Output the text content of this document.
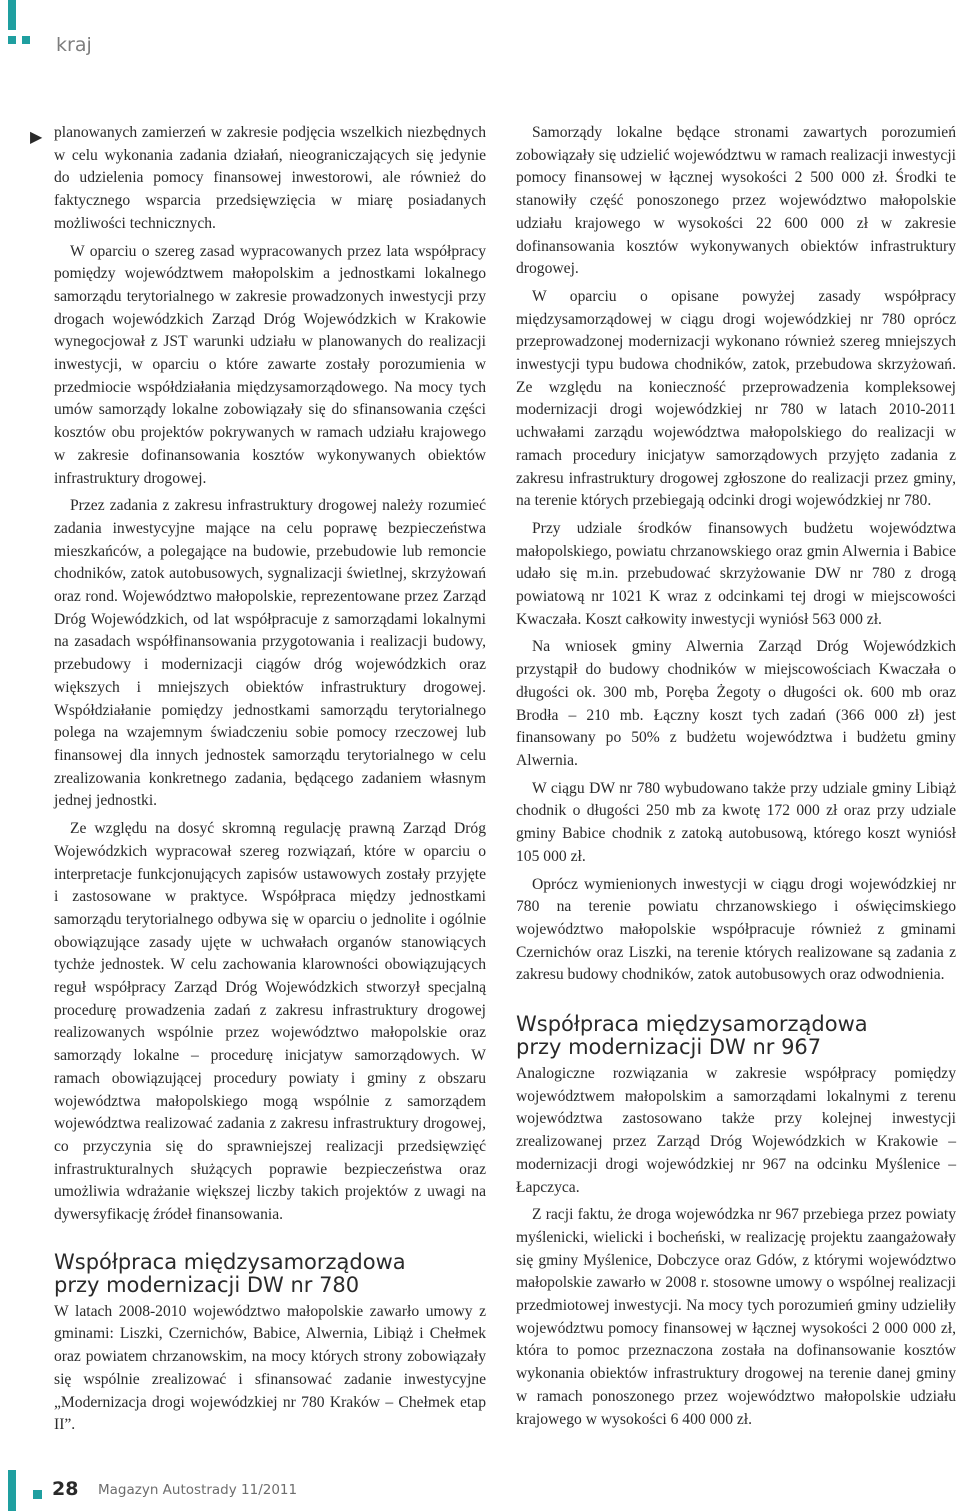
kraj
▶ planowanych zamierzeń w zakresie podjęcia wszelkich niezbędnych w celu wykonania zadania działań, nieograniczających się jedynie do udzielenia pomocy finansowej inwestorowi, ale również do faktycznego wsparcia przedsięwzięcia w miarę posiadanych możliwości technicznych.

W oparciu o szereg zasad wypracowanych przez lata współpracy pomiędzy województwem małopolskim a jednostkami lokalnego samorządu terytorialnego w zakresie prowadzonych inwestycji przy drogach wojewódzkich Zarząd Dróg Wojewódzkich w Krakowie wynegocjował z JST warunki udziału w planowanych do realizacji inwestycji, w oparciu o które zawarte zostały porozumienia w przedmiocie współdziałania międzysamorządowego. Na mocy tych umów samorządy lokalne zobowiązały się do sfinansowania części kosztów obu projektów pokrywanych w ramach udziału krajowego w zakresie dofinansowania kosztów wykonywanych obiektów infrastruktury drogowej.

Przez zadania z zakresu infrastruktury drogowej należy rozumieć zadania inwestycyjne mające na celu poprawę bezpieczeństwa mieszkańców, a polegające na budowie, przebudowie lub remoncie chodników, zatok autobusowych, sygnalizacji świetlnej, skrzyżowań oraz rond. Województwo małopolskie, reprezentowane przez Zarząd Dróg Wojewódzkich, od lat współpracuje z samorządami lokalnymi na zasadach współfinansowania przygotowania i realizacji budowy, przebudowy i modernizacji ciągów dróg wojewódzkich oraz większych i mniejszych obiektów infrastruktury drogowej. Współdziałanie pomiędzy jednostkami samorządu terytorialnego polega na wzajemnym świadczeniu sobie pomocy rzeczowej lub finansowej dla innych jednostek samorządu terytorialnego w celu zrealizowania konkretnego zadania, będącego zadaniem własnym jednej jednostki.

Ze względu na dosyć skromną regulację prawną Zarząd Dróg Wojewódzkich wypracował szereg rozwiązań, które w oparciu o interpretacje funkcjonujących zapisów ustawowych zostały przyjęte i zastosowane w praktyce. Współpraca między jednostkami samorządu terytorialnego odbywa się w oparciu o jednolite i ogólnie obowiązujące zasady ujęte w uchwałach organów stanowiących tychże jednostek. W celu zachowania klarowności obowiązujących reguł współpracy Zarząd Dróg Wojewódzkich stworzył specjalną procedurę prowadzenia zadań z zakresu infrastruktury drogowej realizowanych wspólnie przez województwo małopolskie oraz samorządy lokalne – procedurę inicjatyw samorządowych. W ramach obowiązującej procedury powiaty i gminy z obszaru województwa małopolskiego mogą wspólnie z samorządem województwa realizować zadania z zakresu infrastruktury drogowej, co przyczynia się do sprawniejszej realizacji przedsięwzięć infrastrukturalnych służących poprawie bezpieczeństwa oraz umożliwia wdrażanie większej liczby takich projektów z uwagi na dywersyfikację źródeł finansowania.

Współpraca międzysamorządowa
przy modernizacji DW nr 780

W latach 2008-2010 województwo małopolskie zawarło umowy z gminami: Liszki, Czernichów, Babice, Alwernia, Libiąż i Chełmek oraz powiatem chrzanowskim, na mocy których strony zobowiązały się wspólnie zrealizować i sfinansować zadanie inwestycyjne „Modernizacja drogi wojewódzkiej nr 780 Kraków – Chełmek etap II”.

Samorządy lokalne będące stronami zawartych porozumień zobowiązały się udzielić województwu w ramach realizacji inwestycji pomocy finansowej w łącznej wysokości 2 500 000 zł. Środki te stanowiły część ponoszonego przez województwo małopolskie udziału krajowego w wysokości 22 600 000 zł w zakresie dofinansowania kosztów wykonywanych obiektów infrastruktury drogowej.

W oparciu o opisane powyżej zasady współpracy międzysamorządowej w ciągu drogi wojewódzkiej nr 780 oprócz przeprowadzonej modernizacji wykonano również szereg mniejszych inwestycji typu budowa chodników, zatok, przebudowa skrzyżowań. Ze względu na konieczność przeprowadzenia kompleksowej modernizacji drogi wojewódzkiej nr 780 w latach 2010-2011 uchwałami zarządu województwa małopolskiego do realizacji w ramach procedury inicjatyw samorządowych przyjęto zadania z zakresu infrastruktury drogowej zgłoszone do realizacji przez gminy, na terenie których przebiegają odcinki drogi wojewódzkiej nr 780.

Przy udziale środków finansowych budżetu województwa małopolskiego, powiatu chrzanowskiego oraz gmin Alwernia i Babice udało się m.in. przebudować skrzyżowanie DW nr 780 z drogą powiatową nr 1021 K wraz z odcinkami tej drogi w miejscowości Kwaczała. Koszt całkowity inwestycji wyniósł 563 000 zł.

Na wniosek gminy Alwernia Zarząd Dróg Wojewódzkich przystąpił do budowy chodników w miejscowościach Kwaczała o długości ok. 300 mb, Poręba Żegoty o długości ok. 600 mb oraz Brodła – 210 mb. Łączny koszt tych zadań (366 000 zł) jest finansowany po 50% z budżetu województwa i budżetu gminy Alwernia.

W ciągu DW nr 780 wybudowano także przy udziale gminy Libiąż chodnik o długości 250 mb za kwotę 172 000 zł oraz przy udziale gminy Babice chodnik z zatoką autobusową, którego koszt wyniósł 105 000 zł.

Oprócz wymienionych inwestycji w ciągu drogi wojewódzkiej nr 780 na terenie powiatu chrzanowskiego i oświęcimskiego województwo małopolskie współpracuje również z gminami Czernichów oraz Liszki, na terenie których realizowane są zadania z zakresu budowy chodników, zatok autobusowych oraz odwodnienia.

Współpraca międzysamorządowa
przy modernizacji DW nr 967

Analogiczne rozwiązania w zakresie współpracy pomiędzy województwem małopolskim a samorządami lokalnymi z terenu województwa zastosowano także przy kolejnej inwestycji zrealizowanej przez Zarząd Dróg Wojewódzkich w Krakowie – modernizacji drogi wojewódzkiej nr 967 na odcinku Myślenice – Łapczyca.

Z racji faktu, że droga wojewódzka nr 967 przebiega przez powiaty myślenicki, wielicki i bocheński, w realizację projektu zaangażowały się gminy Myślenice, Dobczyce oraz Gdów, z którymi województwo małopolskie zawarło w 2008 r. stosowne umowy o wspólnej realizacji przedmiotowej inwestycji. Na mocy tych porozumień gminy udzieliły województwu pomocy finansowej w łącznej wysokości 2 000 000 zł, która to pomoc przeznaczona została na dofinansowanie kosztów wykonania obiektów infrastruktury drogowej na terenie danej gminy w ramach ponoszonego przez województwo małopolskie udziału krajowego w wysokości 6 400 000 zł.

28 Magazyn Autostrady 11/2011
